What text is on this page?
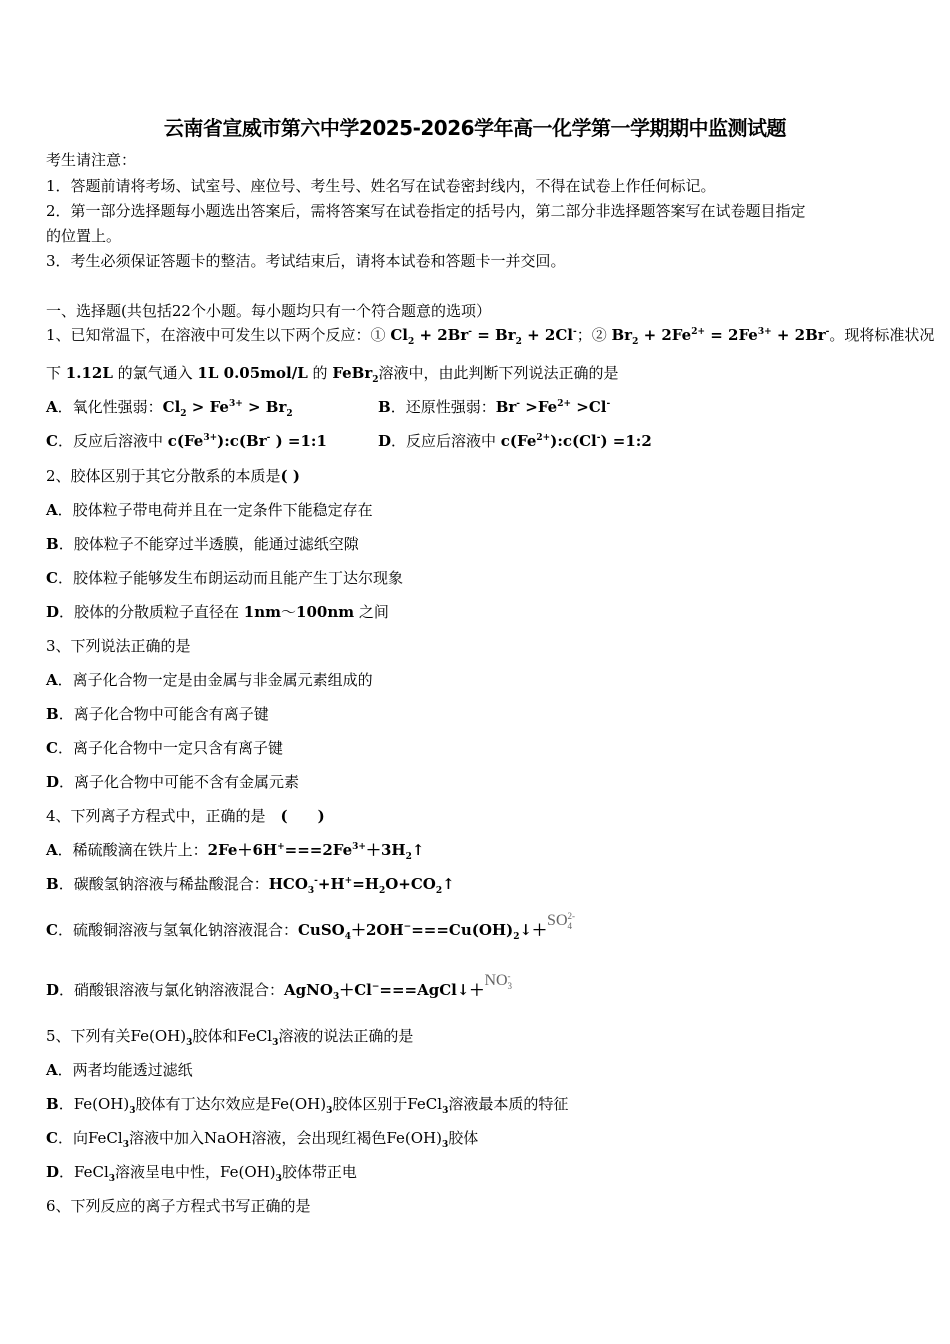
云南省宣威市第六中学2025-2026学年高一化学第一学期期中监测试题
考生请注意：
1．答题前请将考场、试室号、座位号、考生号、姓名写在试卷密封线内，不得在试卷上作任何标记。
2．第一部分选择题每小题选出答案后，需将答案写在试卷指定的括号内，第二部分非选择题答案写在试卷题目指定
的位置上。
3．考生必须保证答题卡的整洁。考试结束后，请将本试卷和答题卡一并交回。
一、选择题(共包括22个小题。每小题均只有一个符合题意的选项）
1、已知常温下，在溶液中可发生以下两个反应：① $Cl_2 + 2Br^- = Br_2 + 2Cl^-$；② $Br_2 + 2Fe^{2+} = 2Fe^{3+} + 2Br^-$。现将标准状况
下 1.12L 的氯气通入 1L 0.05mol/L 的 FeBr$_2$溶液中，由此判断下列说法正确的是
A．氧化性强弱：$Cl_2 > Fe^{3+} > Br_2$	B．还原性强弱：$Br^- >Fe^{2+} >Cl^-$
C．反应后溶液中 $c(Fe^{3+}):c(Br^-$ ) =1:1	D．反应后溶液中 $c(Fe^{2+}):c(Cl^-)$ =1:2
2、胶体区别于其它分散系的本质是( )
A．胶体粒子带电荷并且在一定条件下能稳定存在
B．胶体粒子不能穿过半透膜，能通过滤纸空隙
C．胶体粒子能够发生布朗运动而且能产生丁达尔现象
D．胶体的分散质粒子直径在 1nm～100nm 之间
3、下列说法正确的是
A．离子化合物一定是由金属与非金属元素组成的
B．离子化合物中可能含有离子键
C．离子化合物中一定只含有离子键
D．离子化合物中可能不含有金属元素
4、下列离子方程式中，正确的是　(　　)
A．稀硫酸滴在铁片上：$2Fe+6H^+===2Fe^{3+}+3H_2↑$
B．碳酸氢钠溶液与稀盐酸混合：$HCO_3^-+H^+=H_2O+CO_2↑$
C．硫酸铜溶液与氢氧化钠溶液混合：$CuSO_4+2OH^-===Cu(OH)_2↓+SO$ 2-
4
D．硝酸银溶液与氯化钠溶液混合：AgNO$_3$＋Cl−===AgCl↓＋NO -
3
5、下列有关$Fe(OH)_3$胶体和FeCl$_3$溶液的说法正确的是
A．两者均能透过滤纸
B．$Fe(OH)_3$胶体有丁达尔效应是$Fe(OH)_3$胶体区别于FeCl$_3$溶液最本质的特征
C．向FeCl$_3$溶液中加入NaOH溶液，会出现红褐色$Fe(OH)_3$胶体
D．FeCl$_3$溶液呈电中性，$Fe(OH)_3$胶体带正电
6、下列反应的离子方程式书写正确的是
